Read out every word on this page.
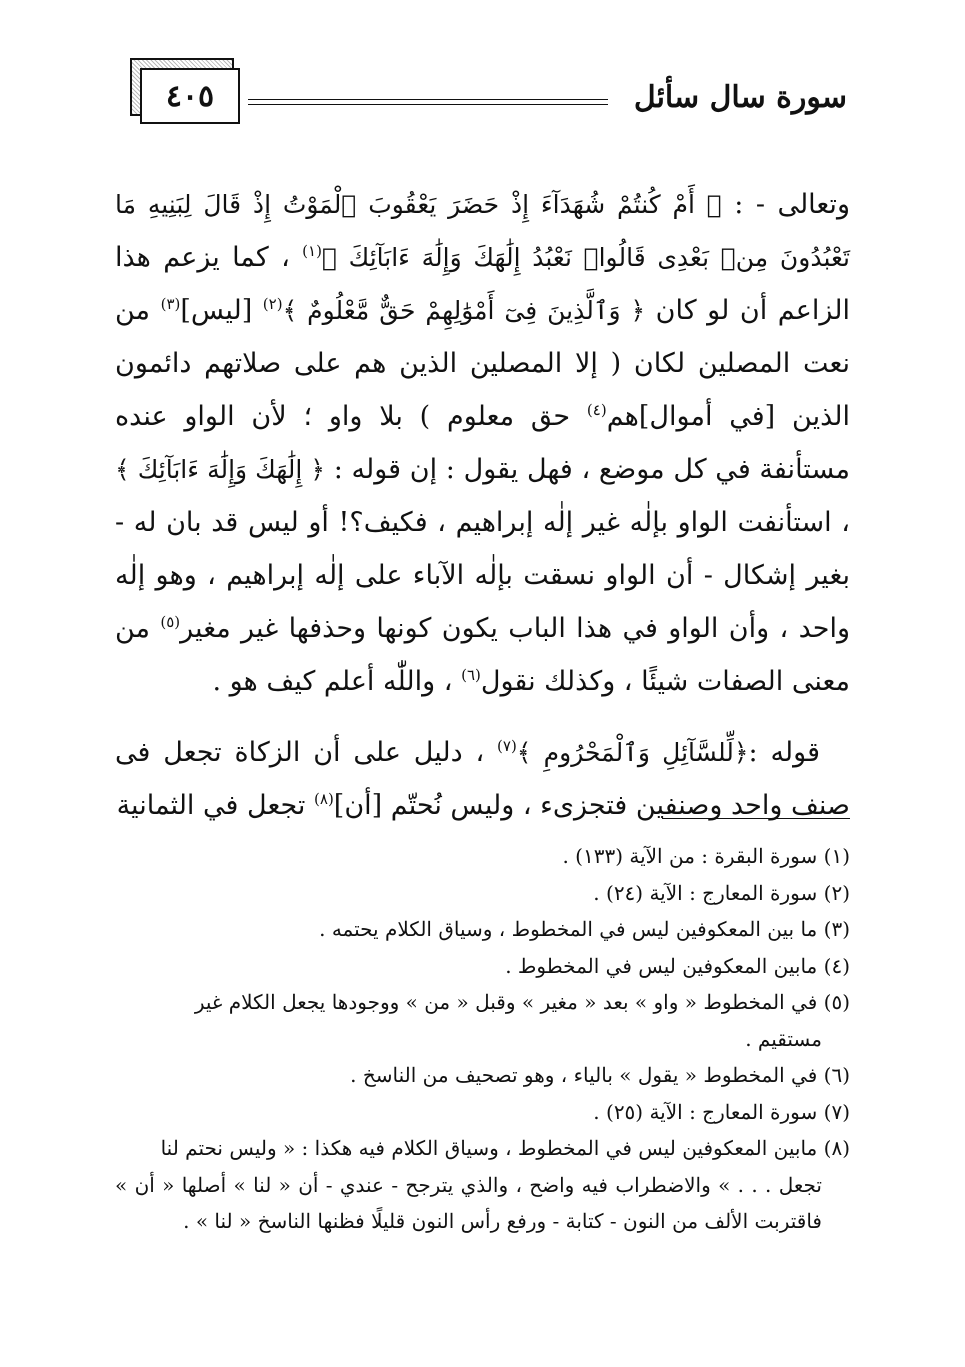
٤٠٥	سورة سال سأئل

وتعالى - : ﴿ أَمْ كُنتُمْ شُهَدَآءَ إِذْ حَضَرَ يَعْقُوبَ ٱلْمَوْتُ إِذْ قَالَ لِبَنِيهِ مَا تَعْبُدُونَ مِنۢ بَعْدِى قَالُوا۟ نَعْبُدُ إِلَٰهَكَ وَإِلَٰهَ ءَابَآئِكَ ﴾$^{(١)}$ ، كما يزعم هذا الزاعم أن لو كان ﴿ وَٱلَّذِينَ فِىٓ أَمْوَٰلِهِمْ حَقٌّ مَّعْلُومٌ ﴾$^{(٢)}$ [ليس]$^{(٣)}$ من نعت المصلين لكان ( إلا المصلين الذين هم على صلاتهم دائمون الذين [في أموال]هم$^{(٤)}$ حق معلوم ) بلا واو ؛ لأن الواو عنده مستأنفة في كل موضع ، فهل يقول : إن قوله : ﴿ إِلَٰهَكَ وَإِلَٰهَ ءَابَآئِكَ ﴾ ، استأنفت الواو بإلٰه غير إلٰه إبراهيم ، فكيف؟! أو ليس قد بان له - بغير إشكال - أن الواو نسقت بإلٰه الآباء على إلٰه إبراهيم ، وهو إلٰه واحد ، وأن الواو في هذا الباب يكون كونها وحذفها غير مغير$^{(٥)}$ من معنى الصفات شيئًا ، وكذلك نقول$^{(٦)}$ ، واللّٰه أعلم كيف هو .

قوله :﴿لِّلسَّآئِلِ وَٱلْمَحْرُومِ ﴾$^{(٧)}$ ، دليل على أن الزكاة تجعل فى صنف واحد وصنفين فتجزىء ، وليس نُحتّم [أن]$^{(٨)}$ تجعل في الثمانية

(١) سورة البقرة : من الآية (١٣٣) .

(٢) سورة المعارج : الآية (٢٤) .

(٣) ما بين المعكوفين ليس في المخطوط ، وسياق الكلام يحتمه .

(٤) مابين المعكوفين ليس في المخطوط .

(٥) في المخطوط « واو » بعد « مغير » وقبل « من » ووجودها يجعل الكلام غير

مستقيم .

(٦) في المخطوط « يقول » بالياء ، وهو تصحيف من الناسخ .

(٧) سورة المعارج : الآية (٢٥) .

(٨) مابين المعكوفين ليس في المخطوط ، وسياق الكلام فيه هكذا : « وليس نحتم لنا

تجعل . . . » والاضطراب فيه واضح ، والذي يترجح - عندي - أن « لنا » أصلها « أن » فاقتربت الألف من النون - كتابة - ورفع رأس النون قليلًا فظنها الناسخ « لنا » .
